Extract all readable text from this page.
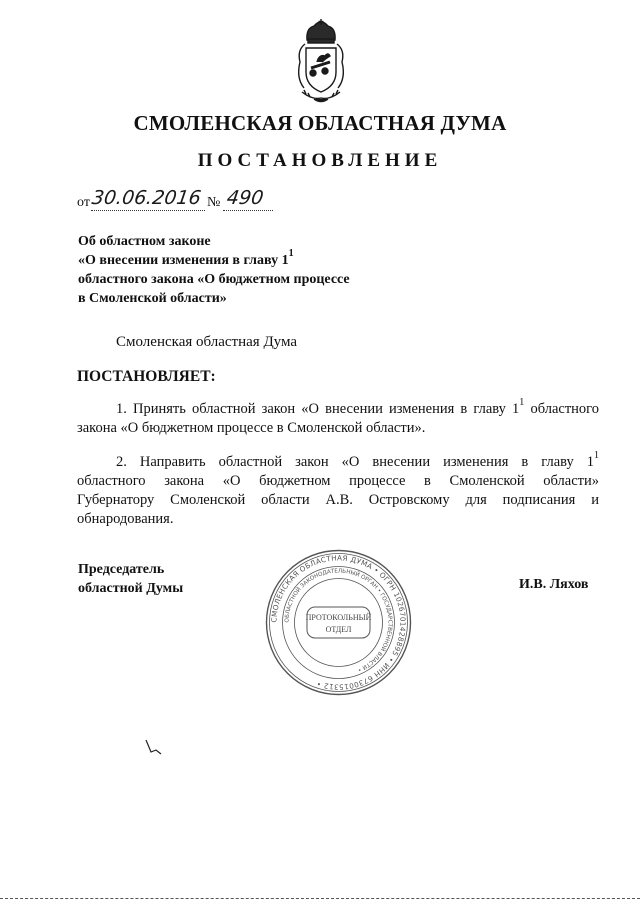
СМОЛЕНСКАЯ ОБЛАСТНАЯ ДУМА
ПОСТАНОВЛЕНИЕ
от 30.06.2016 № 490
Об областном законе
«О внесении изменения в главу $1^1$
областного закона «О бюджетном процессе
в Смоленской области»
Смоленская областная Дума
ПОСТАНОВЛЯЕТ:
1. Принять областной закон «О внесении изменения в главу $1^1$ областного
закона «О бюджетном процессе в Смоленской области».
2. Направить областной закон «О внесении изменения в главу $1^1$
областного закона «О бюджетном процессе в Смоленской области»
Губернатору Смоленской области А.В. Островскому для подписания и
обнародования.
Председатель
областной Думы	И.В. Ляхов
СМОЛЕНСКАЯ ОБЛАСТНАЯ ДУМА • ОГРН 1026701428895 • ИНН 6730015312 •
ОБЛАСТНОЙ ЗАКОНОДАТЕЛЬНЫЙ ОРГАН • ГОСУДАРСТВЕННОЙ ВЛАСТИ •
ПРОТОКОЛЬНЫЙ
ОТДЕЛ
